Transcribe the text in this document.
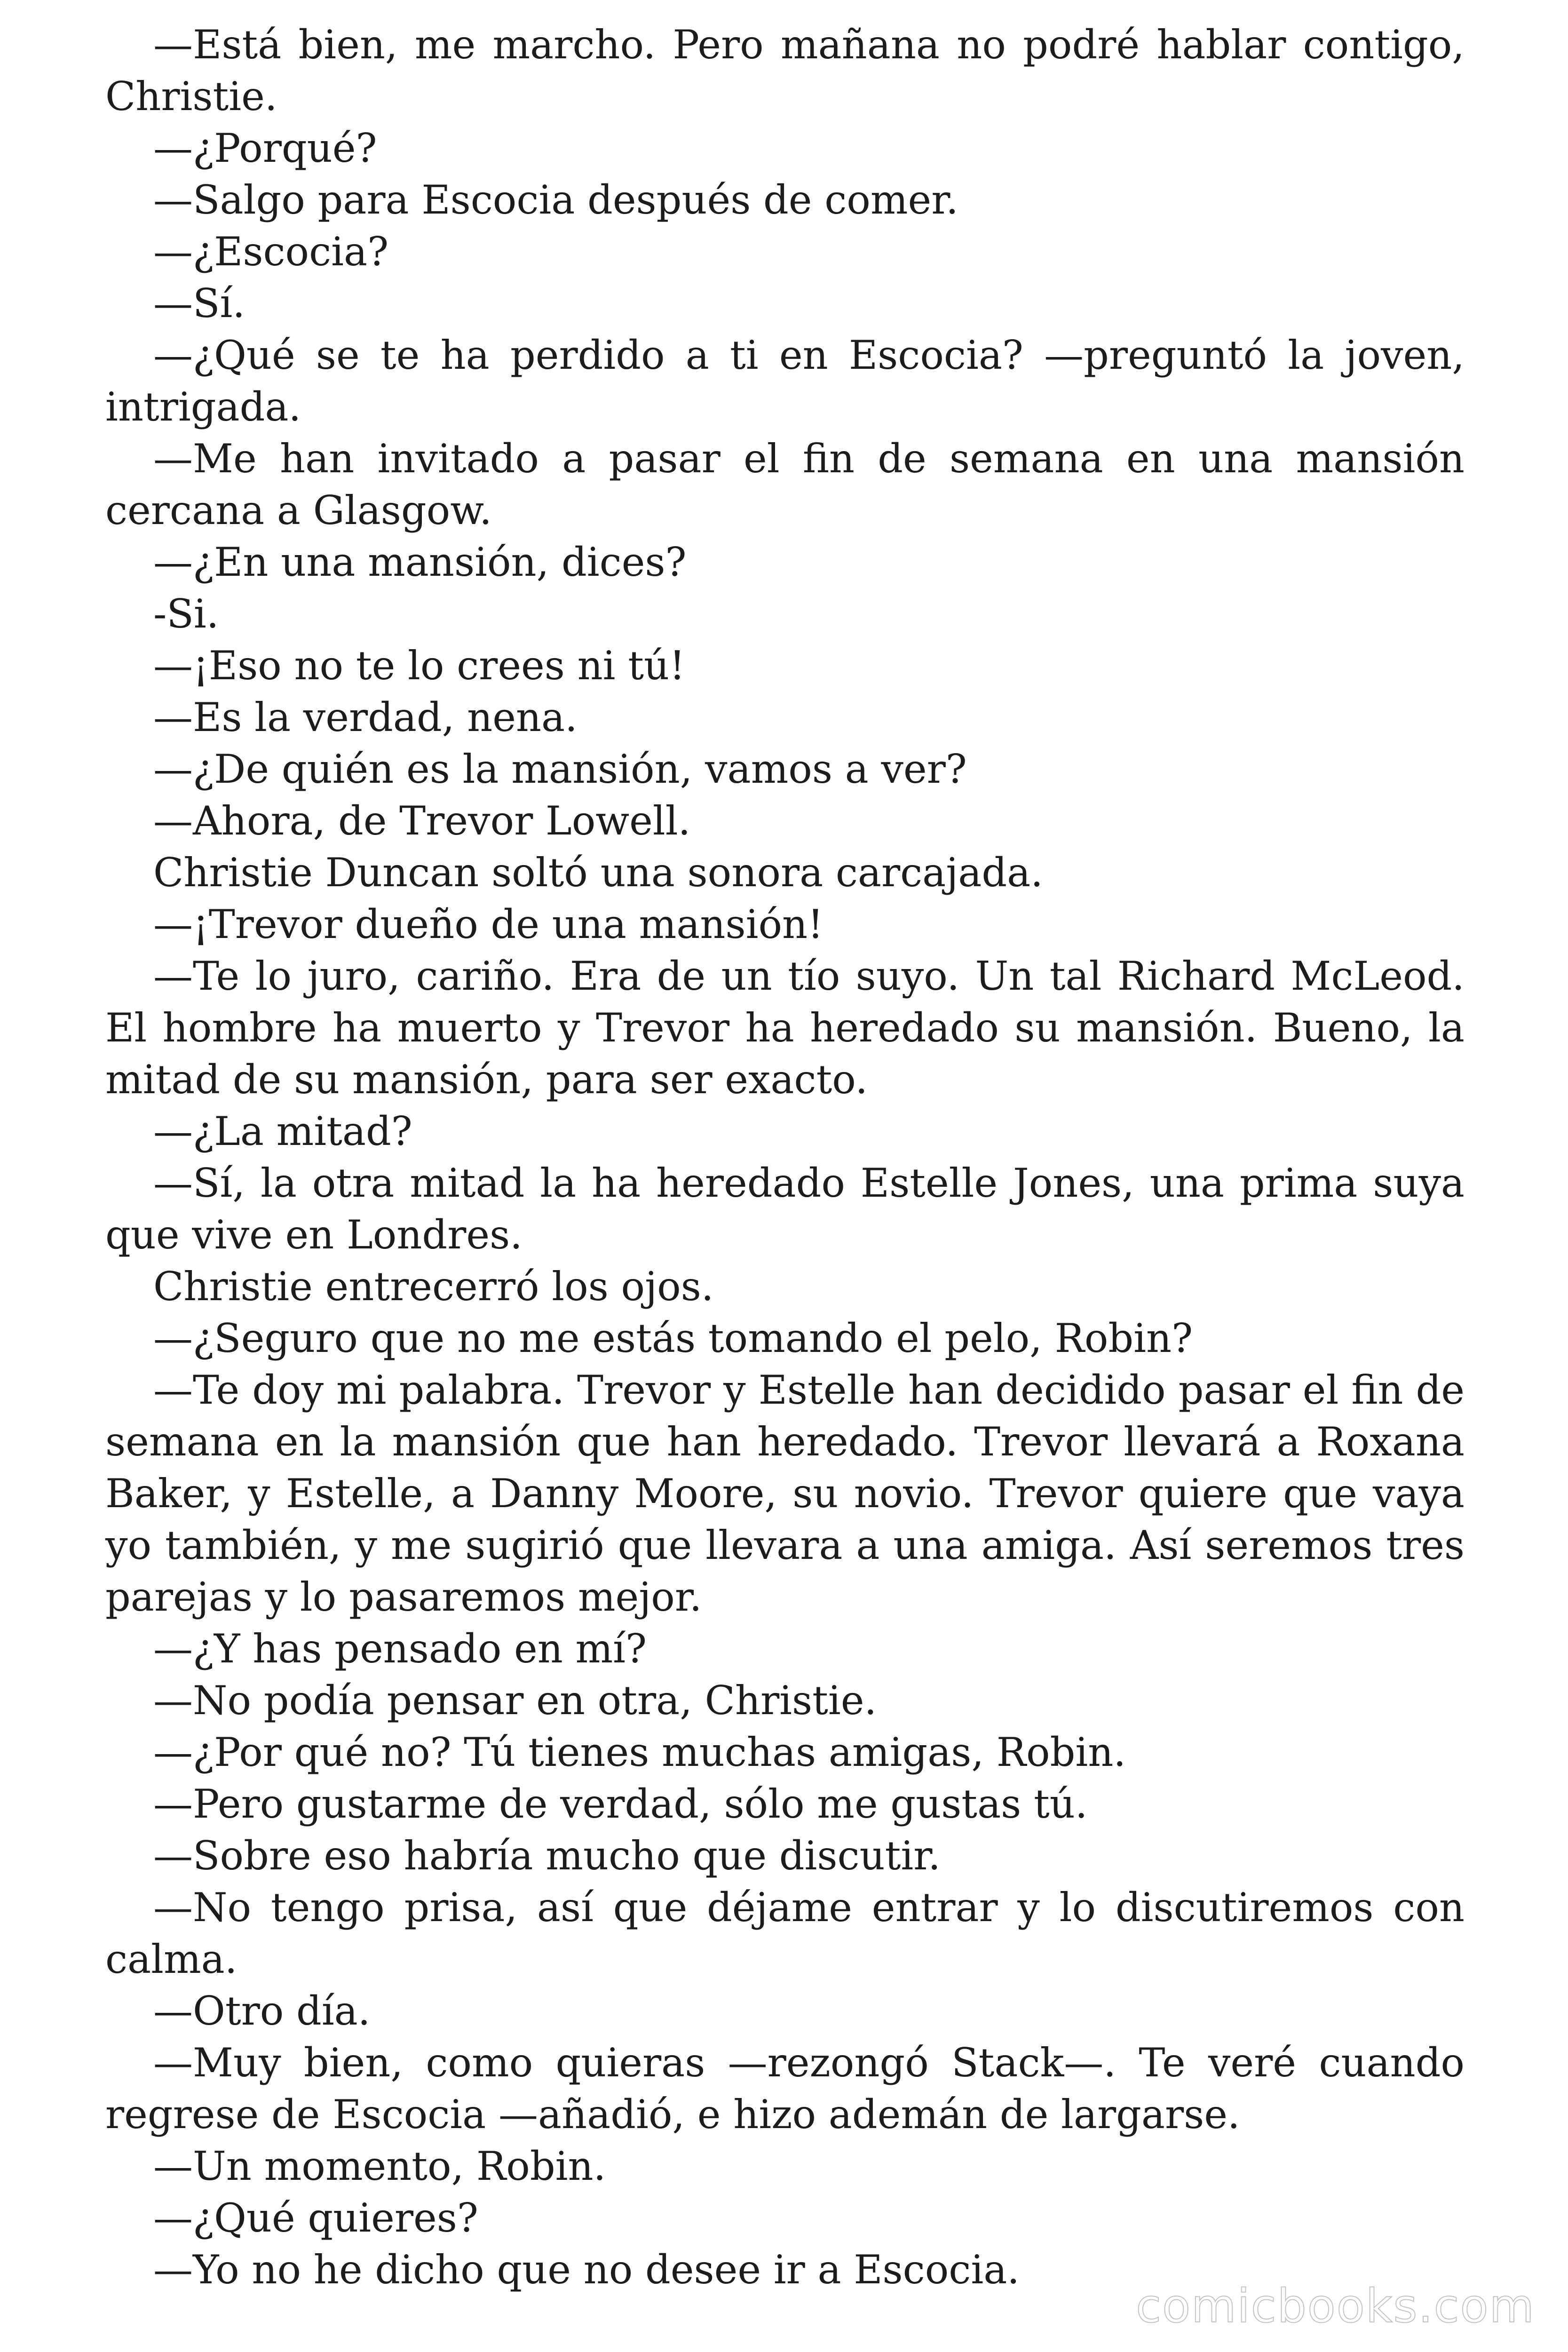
—Está bien, me marcho. Pero mañana no podré hablar contigo, Christie.

—¿Porqué?

—Salgo para Escocia después de comer.

—¿Escocia?

—Sí.

—¿Qué se te ha perdido a ti en Escocia? —preguntó la joven, intrigada.

—Me han invitado a pasar el fin de semana en una mansión cercana a Glasgow.

—¿En una mansión, dices?

-Si.

—¡Eso no te lo crees ni tú!

—Es la verdad, nena.

—¿De quién es la mansión, vamos a ver?

—Ahora, de Trevor Lowell.

Christie Duncan soltó una sonora carcajada.

—¡Trevor dueño de una mansión!

—Te lo juro, cariño. Era de un tío suyo. Un tal Richard McLeod. El hombre ha muerto y Trevor ha heredado su mansión. Bueno, la mitad de su mansión, para ser exacto.

—¿La mitad?

—Sí, la otra mitad la ha heredado Estelle Jones, una prima suya que vive en Londres.

Christie entrecerró los ojos.

—¿Seguro que no me estás tomando el pelo, Robin?

—Te doy mi palabra. Trevor y Estelle han decidido pasar el fin de semana en la mansión que han heredado. Trevor llevará a Roxana Baker, y Estelle, a Danny Moore, su novio. Trevor quiere que vaya yo también, y me sugirió que llevara a una amiga. Así seremos tres parejas y lo pasaremos mejor.

—¿Y has pensado en mí?

—No podía pensar en otra, Christie.

—¿Por qué no? Tú tienes muchas amigas, Robin.

—Pero gustarme de verdad, sólo me gustas tú.

—Sobre eso habría mucho que discutir.

—No tengo prisa, así que déjame entrar y lo discutiremos con calma.

—Otro día.

—Muy bien, como quieras —rezongó Stack—. Te veré cuando regrese de Escocia —añadió, e hizo ademán de largarse.

—Un momento, Robin.

—¿Qué quieres?

—Yo no he dicho que no desee ir a Escocia.

comicbooks.com
